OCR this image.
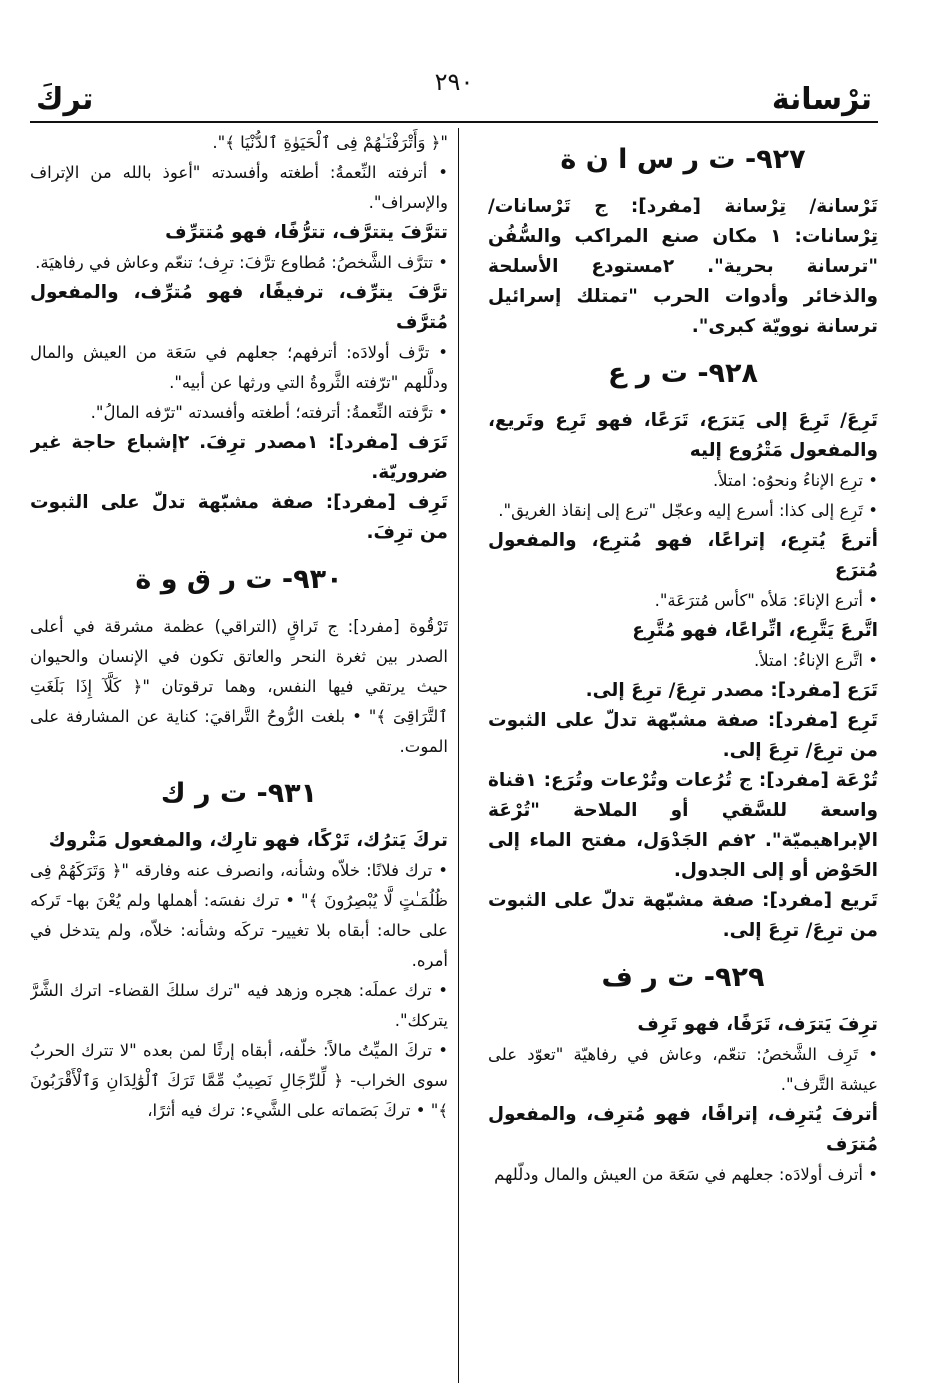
ترْسانة
٢٩٠
تركَ
٩٢٧- ت ر س ا ن ة
تَرْسانة/ تِرْسانة [مفرد]: ج تَرْسانات/ تِرْسانات: ١ مكان صنع المراكب والسُّفُن "ترسانة بحرية". ٢مستودع الأسلحة والذخائر وأدوات الحرب "تمتلك إسرائيل ترسانة نوويّة كبرى".
٩٢٨- ت ر ع
تَرِعَ/ تَرِعَ إلى يَترَع، تَرَعًا، فهو تَرِع وتَريع، والمفعول مَتْرُوع إليه
• ترِع الإناءُ ونحوُه: امتلأ.
• تَرِع إلى كذا: أسرع إليه وعجّل "ترع إلى إنقاذ الغريق".
أترعَ يُترِع، إتراعًا، فهو مُترِع، والمفعول مُترَع
• أترع الإناءَ: مَلأه "كأس مُترَعَة".
اتَّرعَ يَتَّرِع، اتِّراعًا، فهو مُتَّرِع
• اتَّرع الإناءُ: امتلأ.
تَرَع [مفرد]: مصدر ترِعَ/ ترِعَ إلى.
تَرِع [مفرد]: صفة مشبّهة تدلّ على الثبوت من ترِعَ/ ترِعَ إلى.
تُرْعَة [مفرد]: ج تُرُعات وتُرْعات وتُرَع: ١قناة واسعة للسَّقي أو الملاحة "تُرْعَة الإبراهيميّة". ٢فم الجَدْوَل، مفتح الماء إلى الحَوْض أو إلى الجدول.
تَريع [مفرد]: صفة مشبّهة تدلّ على الثبوت من ترِعَ/ ترِعَ إلى.
٩٢٩- ت ر ف
ترِفَ يَترَف، تَرَفًا، فهو تَرِف
• تَرِف الشَّخصُ: تنعّم، وعاش في رفاهيّة "تعوّد على عيشة التَّرف".
أترفَ يُترِف، إترافًا، فهو مُترِف، والمفعول مُترَف
• أترف أولادَه: جعلهم في سَعَة من العيش والمال ودلّلهم
"﴿ وَأَتْرَفْنَـٰهُمْ فِى ٱلْحَيَوٰةِ ٱلدُّنْيَا ﴾".
• أترفته النِّعمةُ: أطغته وأفسدته "أعوذ بالله من الإتراف والإسراف".
تترَّفَ يتترَّف، تترُّفًا، فهو مُتترِّف
• تترَّف الشَّخصُ: مُطاوع ترَّفَ: ترِف؛ تنعّم وعاش في رفاهيَة.
ترَّفَ يترِّف، ترفيفًا، فهو مُترِّف، والمفعول مُترَّف
• ترَّف أولادَه: أترفهم؛ جعلهم في سَعَة من العيش والمال ودلَّلهم "ترّفته الثَّروةُ التي ورثها عن أبيه".
• ترَّفته النِّعمةُ: أترفته؛ أطغته وأفسدته "ترّفه المالُ".
تَرَف [مفرد]: ١مصدر ترِفَ. ٢إشباع حاجة غير ضروريّة.
تَرِف [مفرد]: صفة مشبّهة تدلّ على الثبوت من ترِفَ.
٩٣٠- ت ر ق و ة
تَرْقُوة [مفرد]: ج تَراقٍ (التراقي) عظمة مشرقة في أعلى الصدر بين ثغرة النحر والعاتق تكون في الإنسان والحيوان حيث يرتقي فيها النفس، وهما ترقوتان "﴿ كَلَّآ إِذَا بَلَغَتِ ٱلتَّرَاقِىَ ﴾" • بلغت الرُّوحُ التَّراقيَ: كناية عن المشارفة على الموت.
٩٣١- ت ر ك
تركَ يَترُك، تَرْكًا، فهو تارِك، والمفعول مَتْروك
• ترك فلانًا: خلاّه وشأنه، وانصرف عنه وفارقه "﴿ وَتَرَكَهُمْ فِى ظُلُمَـٰتٍ لَّا يُبْصِرُونَ ﴾" • ترك نفسَه: أهملها ولم يُعْنَ بها- تَركه على حاله: أبقاه بلا تغيير- تركَه وشأنه: خلاّه، ولم يتدخل في أمره.
• ترك عملَه: هجره وزهد فيه "ترك سلكَ القضاء- اترك الشَّرَّ يتركك".
• تركَ الميِّتُ مالاً: خلّفه، أبقاه إرثًا لمن بعده "لا تترك الحربُ سوى الخراب- ﴿ لِّلرِّجَالِ نَصِيبٌ مِّمَّا تَرَكَ ٱلْوَٰلِدَانِ وَٱلْأَقْرَبُونَ ﴾" • تركَ بَصَماته على الشَّيء: ترك فيه أثرًا،
